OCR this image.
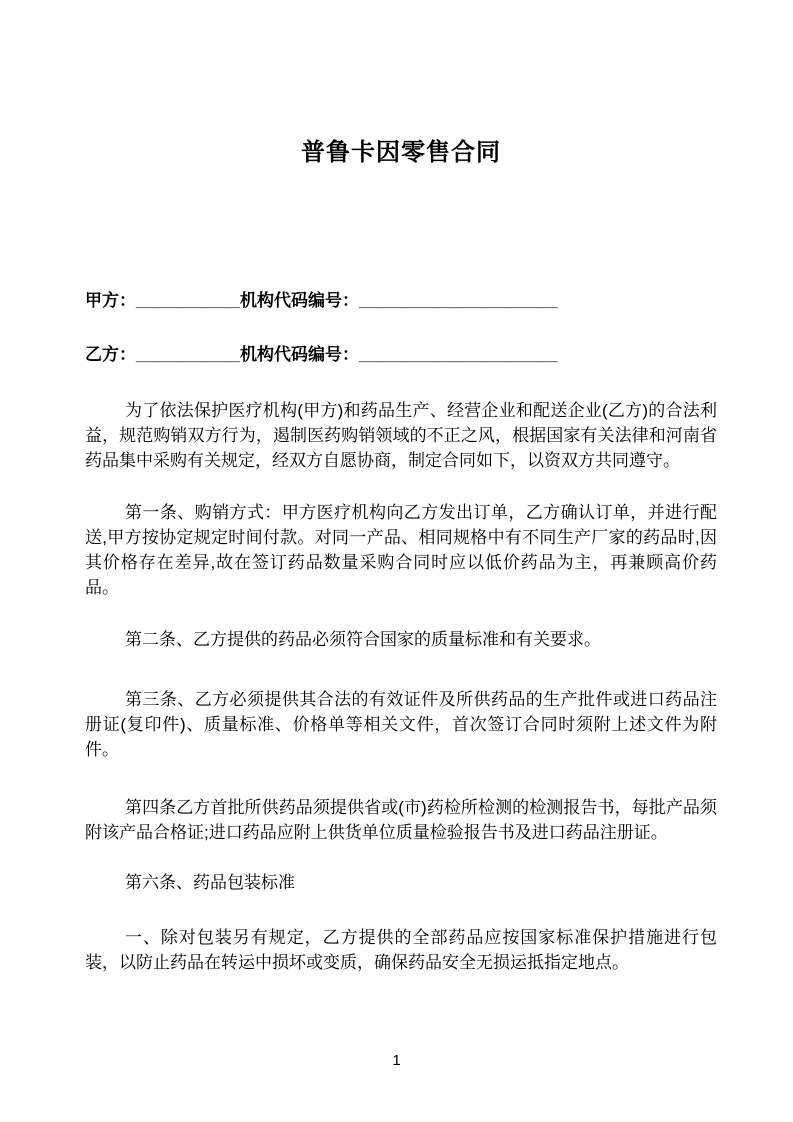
普鲁卡因零售合同
甲方：___________机构代码编号：_____________________
乙方：___________机构代码编号：_____________________

为了依法保护医疗机构(甲方)和药品生产、经营企业和配送企业(乙方)的合法利益，规范购销双方行为，遏制医药购销领域的不正之风，根据国家有关法律和河南省药品集中采购有关规定，经双方自愿协商，制定合同如下，以资双方共同遵守。

第一条、购销方式：甲方医疗机构向乙方发出订单，乙方确认订单，并进行配送,甲方按协定规定时间付款。对同一产品、相同规格中有不同生产厂家的药品时,因其价格存在差异,故在签订药品数量采购合同时应以低价药品为主，再兼顾高价药品。

第二条、乙方提供的药品必须符合国家的质量标准和有关要求。

第三条、乙方必须提供其合法的有效证件及所供药品的生产批件或进口药品注册证(复印件)、质量标准、价格单等相关文件，首次签订合同时须附上述文件为附件。

第四条乙方首批所供药品须提供省或(市)药检所检测的检测报告书，每批产品须附该产品合格证;进口药品应附上供货单位质量检验报告书及进口药品注册证。

第六条、药品包装标准

一、除对包装另有规定，乙方提供的全部药品应按国家标准保护措施进行包装，以防止药品在转运中损坏或变质，确保药品安全无损运抵指定地点。

1
